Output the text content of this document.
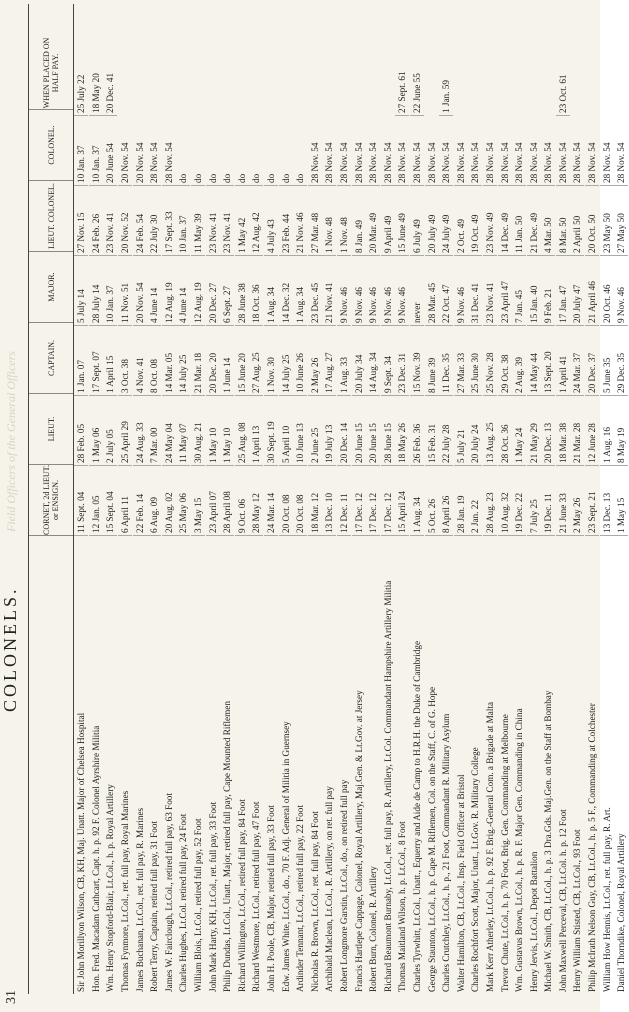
31
COLONELS.
Field Officers of the General Officers	CORNET, 2d LIEUT. or ENSIGN.
LIEUT.
CAPTAIN.
MAJOR.
LIEUT. COLONEL.
COLONEL.
WHEN PLACED ON HALF PAY.
Sir John Morillyon Wilson, CB, KH, Maj. Unatt. Major of Chelsea Hospital
11 Sept. 04
28 Feb. 05
1 Jan. 07
5 July 14
27 Nov. 15
10 Jan. 37
25 July 22
Hon. Fred. Macadam Cathcart, Capt. h. p. 92 F. Colonel Ayrshire Militia
12 Jan. 05
1 May 06
17 Sept. 07
28 July 14
24 Feb. 26
10 Jan. 37
18 May 20
Wm. Henry Stopford-Blair, Lt.Col., h. p. Royal Artillery
15 Sept. 04
2 July 05
1 April 15
10 Jan. 37
23 Nov. 41
20 June 54
20 Dec. 41
Thomas Fynmore, Lt.Col., ret. full pay, Royal Marines
6 April 11
25 April 29
3 Oct. 38
11 Nov. 51
20 Nov. 52
20 Nov. 54
James Buchanan, Lt.Col., ret. full pay, R. Marines
22 Feb. 14
24 Aug. 33
4 Nov. 41
20 Nov. 54
24 Feb. 54
20 Nov. 54
Robert Terry, Captain, retired full pay, 31 Foot
6 Aug. 09
7 Mar. 00
8 Oct. 08
4 June 14
22 July 30
28 Nov. 54
James W. Fairclough, Lt.Col., retired full pay, 63 Foot
20 Aug. 02
24 May 04
14 Mar. 05
12 Aug. 19
17 Sept. 33
28 Nov. 54
Charles Hughes, Lt.Col. retired full pay, 24 Foot
25 May 06
11 May 07
14 July 25
4 June 14
10 Jan. 37
do
William Blois, Lt.Col., retired full pay, 52 Foot
3 May 15
30 Aug. 21
21 Mar. 18
12 Aug. 19
11 May 39
do
John Mark Harty, KH, Lt.Col., ret. full pay, 33 Foot
23 April 07
1 May 10
20 Dec. 20
20 Dec. 27
23 Nov. 41
do
Philip Dundas, Lt.Col., Unatt., Major, retired full pay, Cape Mounted Riflemen
28 April 08
1 May 10
1 June 14
6 Sept. 27
23 Nov. 41
do
Richard Willington, Lt.Col., retired full pay, 84 Foot
9 Oct. 06
25 Aug. 08
15 June 20
28 June 38
1 May 42
do
Richard Westmore, Lt.Col., retired full pay, 47 Foot
28 May 12
1 April 13
27 Aug. 25
18 Oct. 36
12 Aug. 42
do
John H. Poole, CB, Major, retired full pay, 33 Foot
24 Mar. 14
30 Sept. 19
1 Nov. 30
1 Aug. 34
4 July 43
do
Edw. James White, Lt.Col., do., 70 F. Adj. General of Militia in Guernsey
20 Oct. 08
5 April 10
14 July 25
14 Dec. 32
23 Feb. 44
do
Ardinder Tennant, Lt.Col., retired full pay, 22 Foot
20 Oct. 08
10 June 13
10 June 26
1 Aug. 34
21 Nov. 46
do
Nicholas R. Brown, Lt.Col., ret. full pay, 84 Foot
18 Mar. 12
2 June 25
2 May 26
23 Dec. 45
27 Mar. 48
28 Nov. 54
Archibald Maclean, Lt.Col., R. Artillery, on ret. full pay
13 Dec. 10
19 July 13
17 Aug. 27
21 Nov. 41
1 Nov. 48
28 Nov. 54
Robert Longmore Garstin, Lt.Col., do., on retired full pay
12 Dec. 11
20 Dec. 14
1 Aug. 33
9 Nov. 46
1 Nov. 48
28 Nov. 54
Francis Hartlepe Cappage, Colonel, Royal Artillery, Maj.Gen. & Lt.Gov. at Jersey
17 Dec. 12
20 June 15
20 July 34
9 Nov. 46
8 Jan. 49
28 Nov. 54
Robert Burn, Colonel, R. Artillery
17 Dec. 12
20 June 15
14 Aug. 34
9 Nov. 46
20 Mar. 49
28 Nov. 54
Richard Beaumont Burnaby, Lt.Col., ret. full pay, R. Artillery, Lt.Col. Commandant Hampshire Artillery Militia
17 Dec. 12
28 June 15
9 Sept. 34
9 Nov. 46
9 April 49
28 Nov. 54
Thomas Maitland Wilson, h. p. Lt.Col., 8 Foot
15 April 24
18 May 26
23 Dec. 31
9 Nov. 46
15 June 49
28 Nov. 54
27 Sept. 61
Charles Tyrwhitt, Lt.Col., Unatt., Equerry and Aide de Camp to H.R.H. the Duke of Cambridge
1 Aug. 34
26 Feb. 36
15 Nov. 39
never
6 July 49
28 Nov. 54
22 June 55
George Staunton, Lt.Col., h. p. Cape M. Riflemen, Col. on the Staff, C. of G. Hope
5 Oct. 26
15 Feb. 31
8 June 39
28 Mar. 45
20 July 49
28 Nov. 54
Charles Crutchley, Lt.Col., h. p., 21 Foot, Commandant R. Military Asylum
8 April 26
22 July 28
11 Dec. 35
22 Oct. 47
24 July 49
28 Nov. 54
1 Jan. 59
Walter Hamilton, CB, Lt.Col., Insp. Field Officer at Bristol
28 Jan. 19
5 July 21
27 Mar. 33
9 Nov. 46
2 Oct. 49
28 Nov. 54
Charles Rochfort Scott, Major, Unatt., Lt.Gov. R. Military College
2 Jan. 22
20 July 24
25 June 30
31 Dec. 41
19 Oct. 49
28 Nov. 54
Mark Kerr Atherley, Lt.Col., h. p. 92 F. Brig.-General Com. a Brigade at Malta
28 Aug. 23
13 Aug. 25
25 Nov. 28
23 Nov. 41
23 Nov. 49
28 Nov. 54
Trevor Chute, Lt.Col., h. p. 70 Foot, Brig. Gen. Commanding at Melbourne
10 Aug. 32
28 Oct. 36
29 Oct. 38
23 April 47
14 Dec. 49
28 Nov. 54
Wm. Gustavus Brown, Lt.Col., h. p. R. F. Major Gen. Commanding in China
19 Dec. 22
1 May 24
2 Aug. 39
7 Jan. 45
11 Jan. 50
28 Nov. 54
Henry Jervis, Lt.Col., Depot Battalion
7 July 25
21 May 29
14 May 44
15 Jan. 40
21 Dec. 49
28 Nov. 54
Michael W. Smith, CB, Lt.Col., h. p. 3 Dra.Gds. Maj.Gen. on the Staff at Bombay
19 Dec. 11
20 Dec. 13
13 Sept. 20
9 Feb. 21
4 Mar. 50
28 Nov. 54
John Maxwell Perceval, CB, Lt.Col. h. p. 12 Foot
21 June 33
18 Mar. 38
1 April 41
17 Jan. 47
8 Mar. 50
28 Nov. 54
23 Oct. 61
Henry William Stisted, CB, Lt.Col., 93 Foot
2 May 26
21 Mar. 28
24 Mar. 37
20 July 47
2 April 50
28 Nov. 54
Philip McIrath Nelson Guy, CB, Lt.Col., h. p. 5 F., Commanding at Colchester
23 Sept. 21
12 June 28
20 Dec. 37
21 April 46
20 Oct. 50
28 Nov. 54
William How Hennis, Lt.Col., ret. full pay, R. Art.
13 Dec. 13
1 Aug. 16
5 June 35
20 Oct. 46
23 May 50
28 Nov. 54
Daniel Thorndike, Colonel, Royal Artillery
1 May 15
8 May 19
29 Dec. 35
9 Nov. 46
27 May 50
28 Nov. 54
